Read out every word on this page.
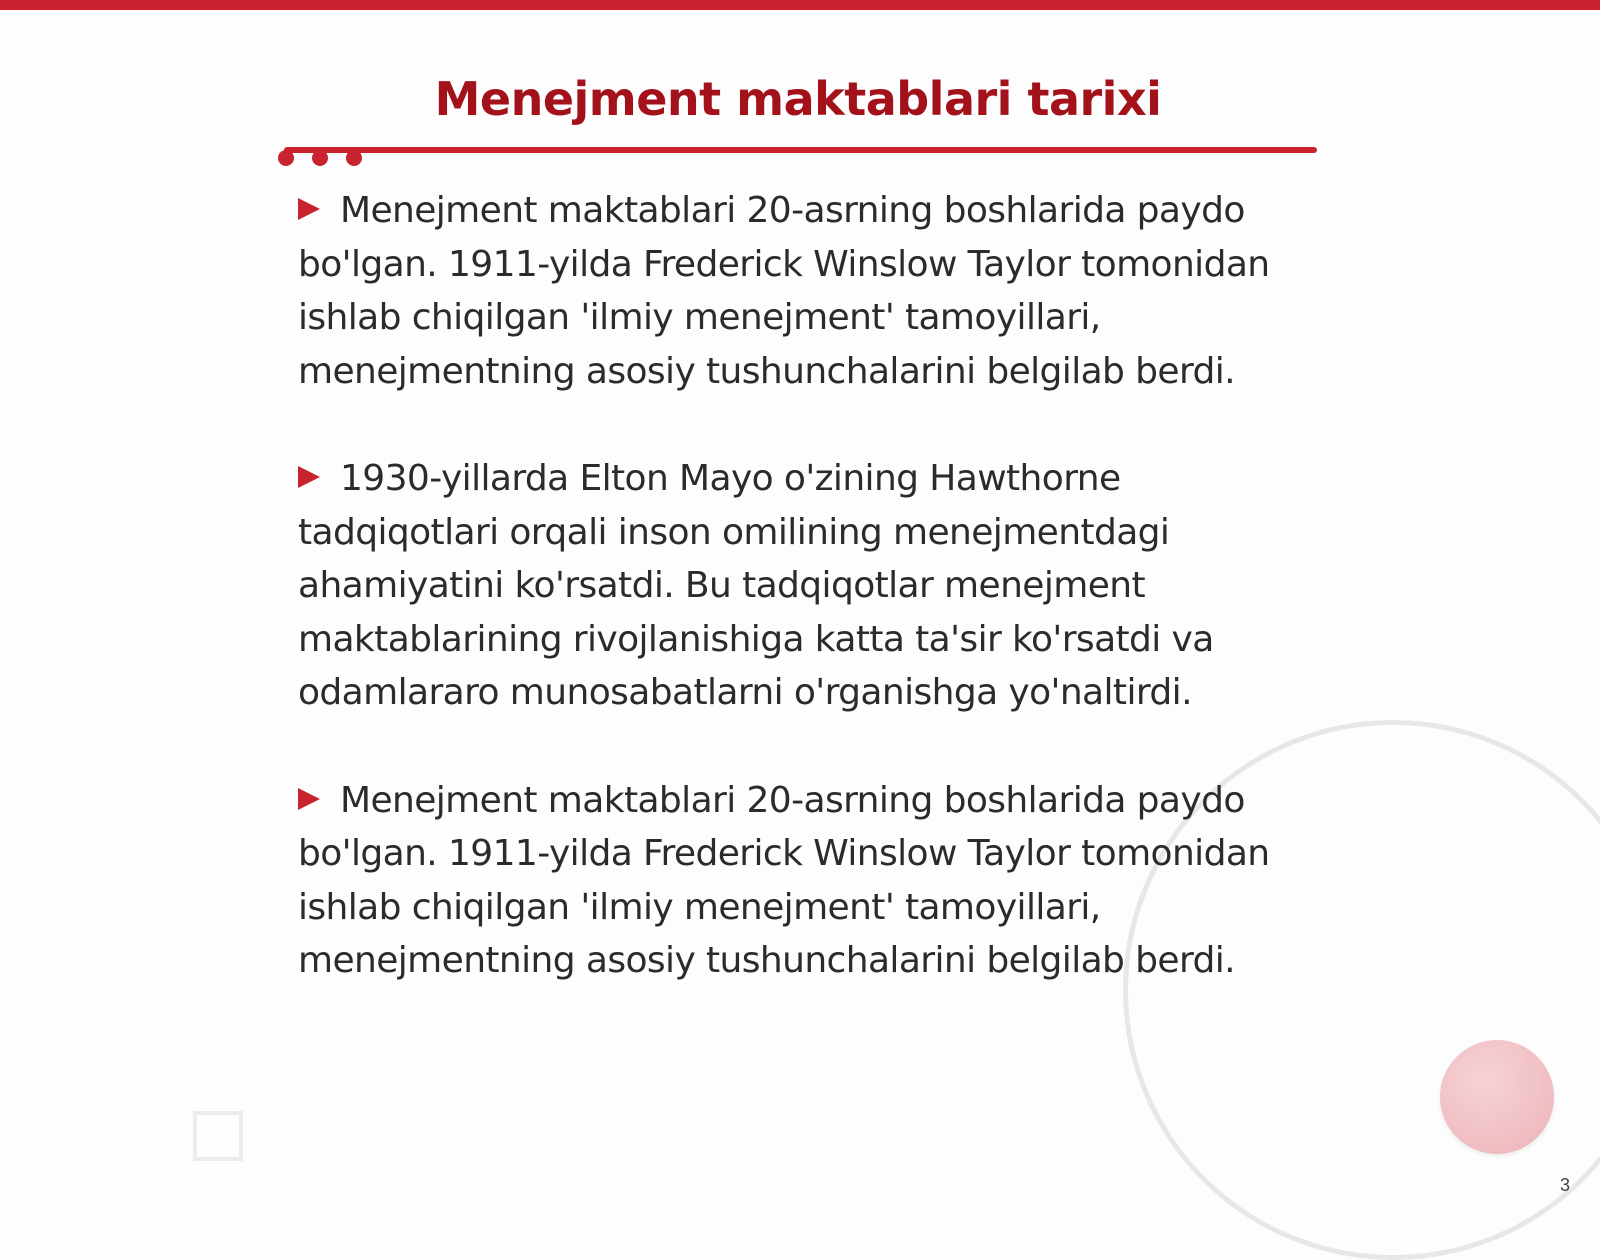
Menejment maktablari tarixi

Menejment maktablari 20-asrning boshlarida paydo bo'lgan. 1911-yilda Frederick Winslow Taylor tomonidan ishlab chiqilgan 'ilmiy menejment' tamoyillari, menejmentning asosiy tushunchalarini belgilab berdi.

1930-yillarda Elton Mayo o'zining Hawthorne tadqiqotlari orqali inson omilining menejmentdagi ahamiyatini ko'rsatdi. Bu tadqiqotlar menejment maktablarining rivojlanishiga katta ta'sir ko'rsatdi va odamlararo munosabatlarni o'rganishga yo'naltirdi.

Menejment maktablari 20-asrning boshlarida paydo bo'lgan. 1911-yilda Frederick Winslow Taylor tomonidan ishlab chiqilgan 'ilmiy menejment' tamoyillari, menejmentning asosiy tushunchalarini belgilab berdi.

3
